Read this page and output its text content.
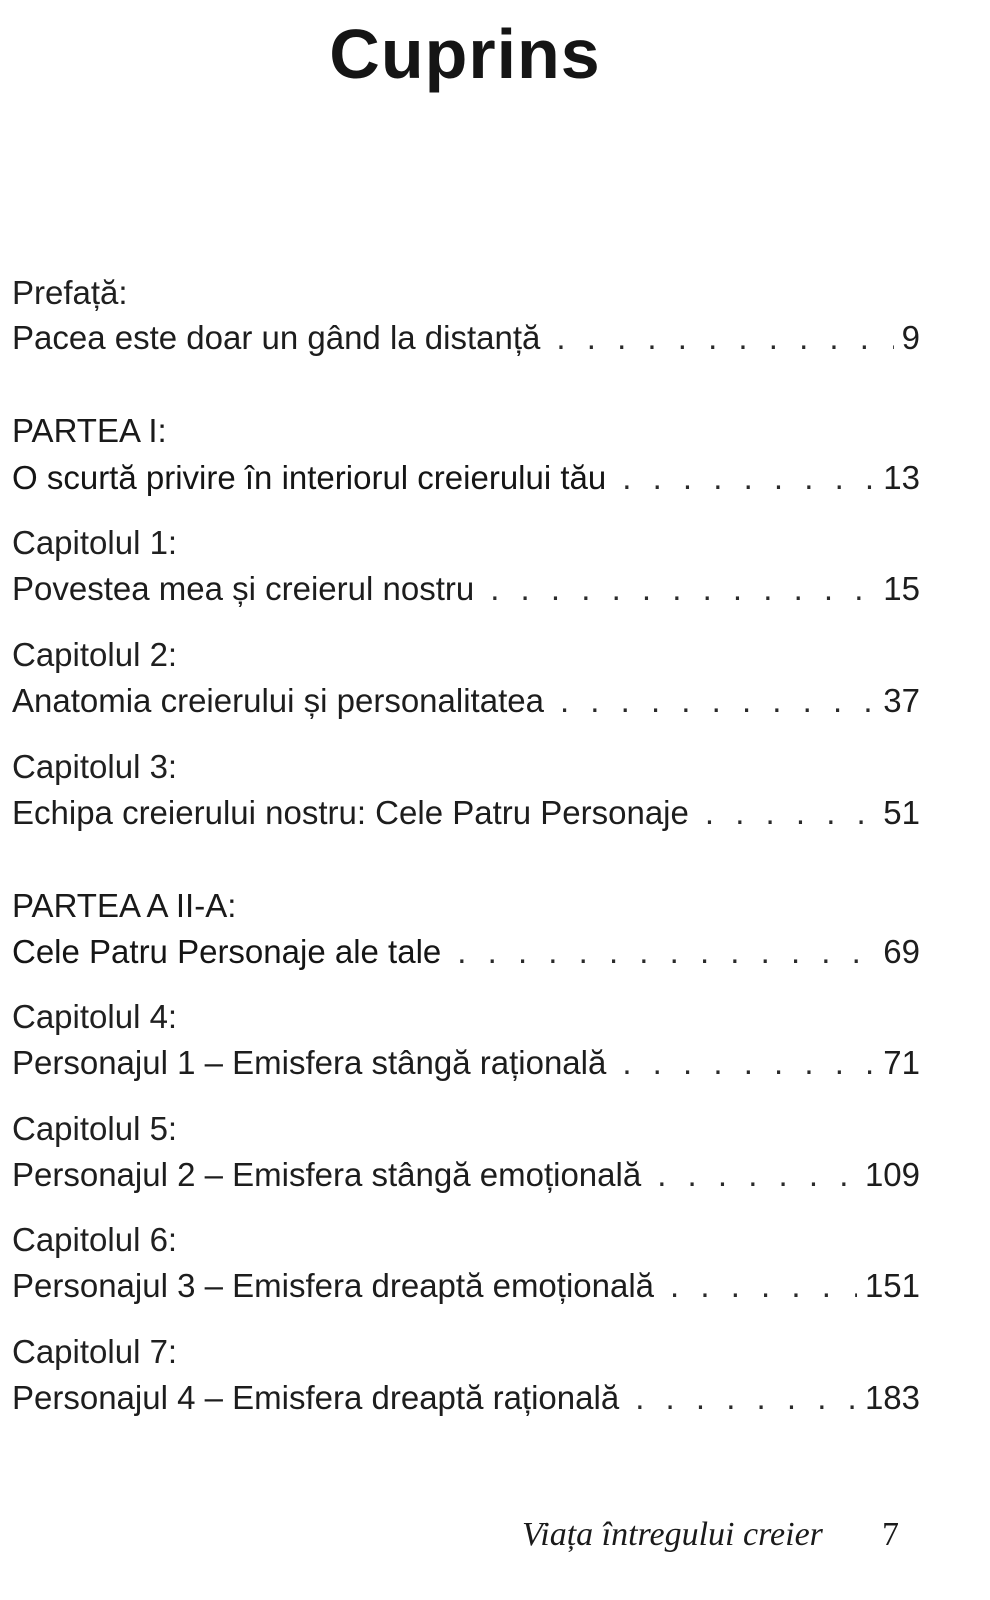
Cuprins
Prefață:
Pacea este doar un gând la distanță . . .	9
PARTEA I:
O scurtă privire în interiorul creierului tău . . .	13
Capitolul 1:
Povestea mea și creierul nostru . . .	15
Capitolul 2:
Anatomia creierului și personalitatea . . .	37
Capitolul 3:
Echipa creierului nostru: Cele Patru Personaje . . .	51
PARTEA A II-A:
Cele Patru Personaje ale tale . . .	69
Capitolul 4:
Personajul 1 – Emisfera stângă rațională . . .	71
Capitolul 5:
Personajul 2 – Emisfera stângă emoțională . . .	109
Capitolul 6:
Personajul 3 – Emisfera dreaptă emoțională . . .	151
Capitolul 7:
Personajul 4 – Emisfera dreaptă rațională . . .	183
Viața întregului creier 7
